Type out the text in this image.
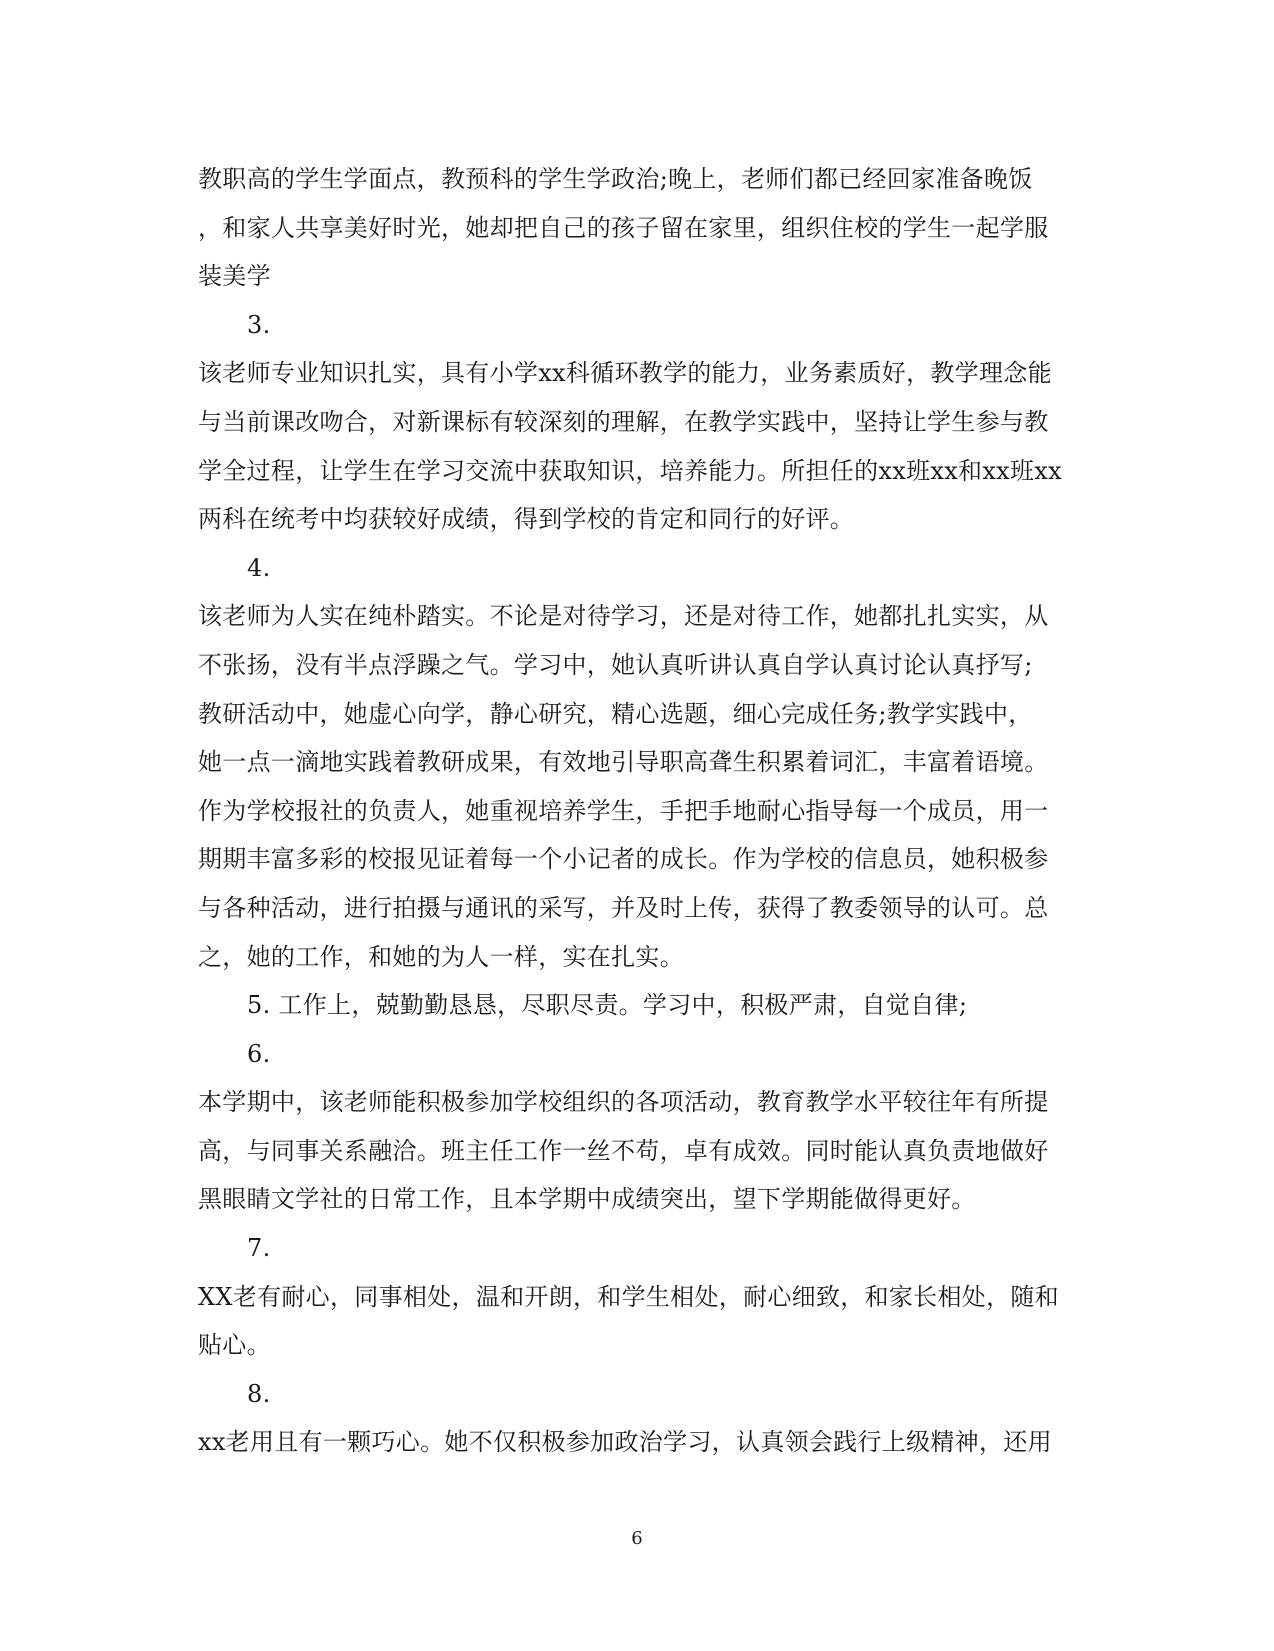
教职高的学生学面点，教预科的学生学政治;晚上，老师们都已经回家准备晚饭
，和家人共享美好时光，她却把自己的孩子留在家里，组织住校的学生一起学服
装美学
3.
该老师专业知识扎实，具有小学xx科循环教学的能力，业务素质好，教学理念能
与当前课改吻合，对新课标有较深刻的理解，在教学实践中，坚持让学生参与教
学全过程，让学生在学习交流中获取知识，培养能力。所担任的xx班xx和xx班xx
两科在统考中均获较好成绩，得到学校的肯定和同行的好评。
4.
该老师为人实在纯朴踏实。不论是对待学习，还是对待工作，她都扎扎实实，从
不张扬，没有半点浮躁之气。学习中，她认真听讲认真自学认真讨论认真抒写;
教研活动中，她虚心向学，静心研究，精心选题，细心完成任务;教学实践中，
她一点一滴地实践着教研成果，有效地引导职高聋生积累着词汇，丰富着语境。
作为学校报社的负责人，她重视培养学生，手把手地耐心指导每一个成员，用一
期期丰富多彩的校报见证着每一个小记者的成长。作为学校的信息员，她积极参
与各种活动，进行拍摄与通讯的采写，并及时上传，获得了教委领导的认可。总
之，她的工作，和她的为人一样，实在扎实。
5. 工作上，兢勤勤恳恳，尽职尽责。学习中，积极严肃，自觉自律;
6.
本学期中，该老师能积极参加学校组织的各项活动，教育教学水平较往年有所提
高，与同事关系融洽。班主任工作一丝不苟，卓有成效。同时能认真负责地做好
黑眼睛文学社的日常工作，且本学期中成绩突出，望下学期能做得更好。
7.
XX老有耐心，同事相处，温和开朗，和学生相处，耐心细致，和家长相处，随和
贴心。
8.
xx老用且有一颗巧心。她不仅积极参加政治学习，认真领会践行上级精神，还用
6
